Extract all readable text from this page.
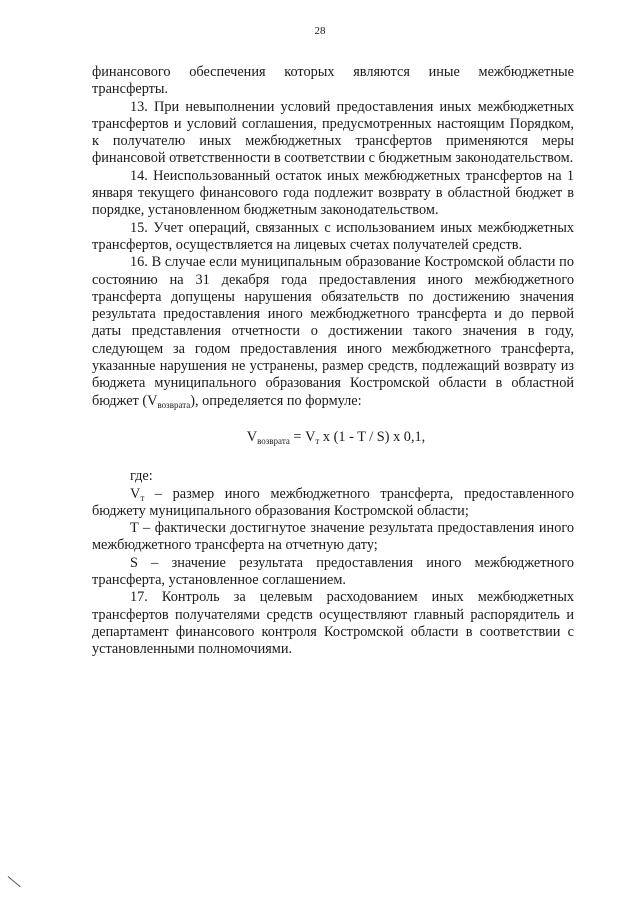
28

финансового обеспечения которых являются иные межбюджетные трансферты.

13. При невыполнении условий предоставления иных межбюджетных трансфертов и условий соглашения, предусмотренных настоящим Порядком, к получателю иных межбюджетных трансфертов применяются меры финансовой ответственности в соответствии с бюджетным законодательством.

14. Неиспользованный остаток иных межбюджетных трансфертов на 1 января текущего финансового года подлежит возврату в областной бюджет в порядке, установленном бюджетным законодательством.

15. Учет операций, связанных с использованием иных межбюджетных трансфертов, осуществляется на лицевых счетах получателей средств.

16. В случае если муниципальным образование Костромской области по состоянию на 31 декабря года предоставления иного межбюджетного трансферта допущены нарушения обязательств по достижению значения результата предоставления иного межбюджетного трансферта и до первой даты представления отчетности о достижении такого значения в году, следующем за годом предоставления иного межбюджетного трансферта, указанные нарушения не устранены, размер средств, подлежащий возврату из бюджета муниципального образования Костромской области в областной бюджет $(V_{возврата})$, определяется по формуле:

$V_{возврата} = V_т$ x (1 - T / S) x 0,1,

где:

$V_т$ – размер иного межбюджетного трансферта, предоставленного бюджету муниципального образования Костромской области;

T – фактически достигнутое значение результата предоставления иного межбюджетного трансферта на отчетную дату;

S – значение результата предоставления иного межбюджетного трансферта, установленное соглашением.

17. Контроль за целевым расходованием иных межбюджетных трансфертов получателями средств осуществляют главный распорядитель и департамент финансового контроля Костромской области в соответствии с установленными полномочиями.
